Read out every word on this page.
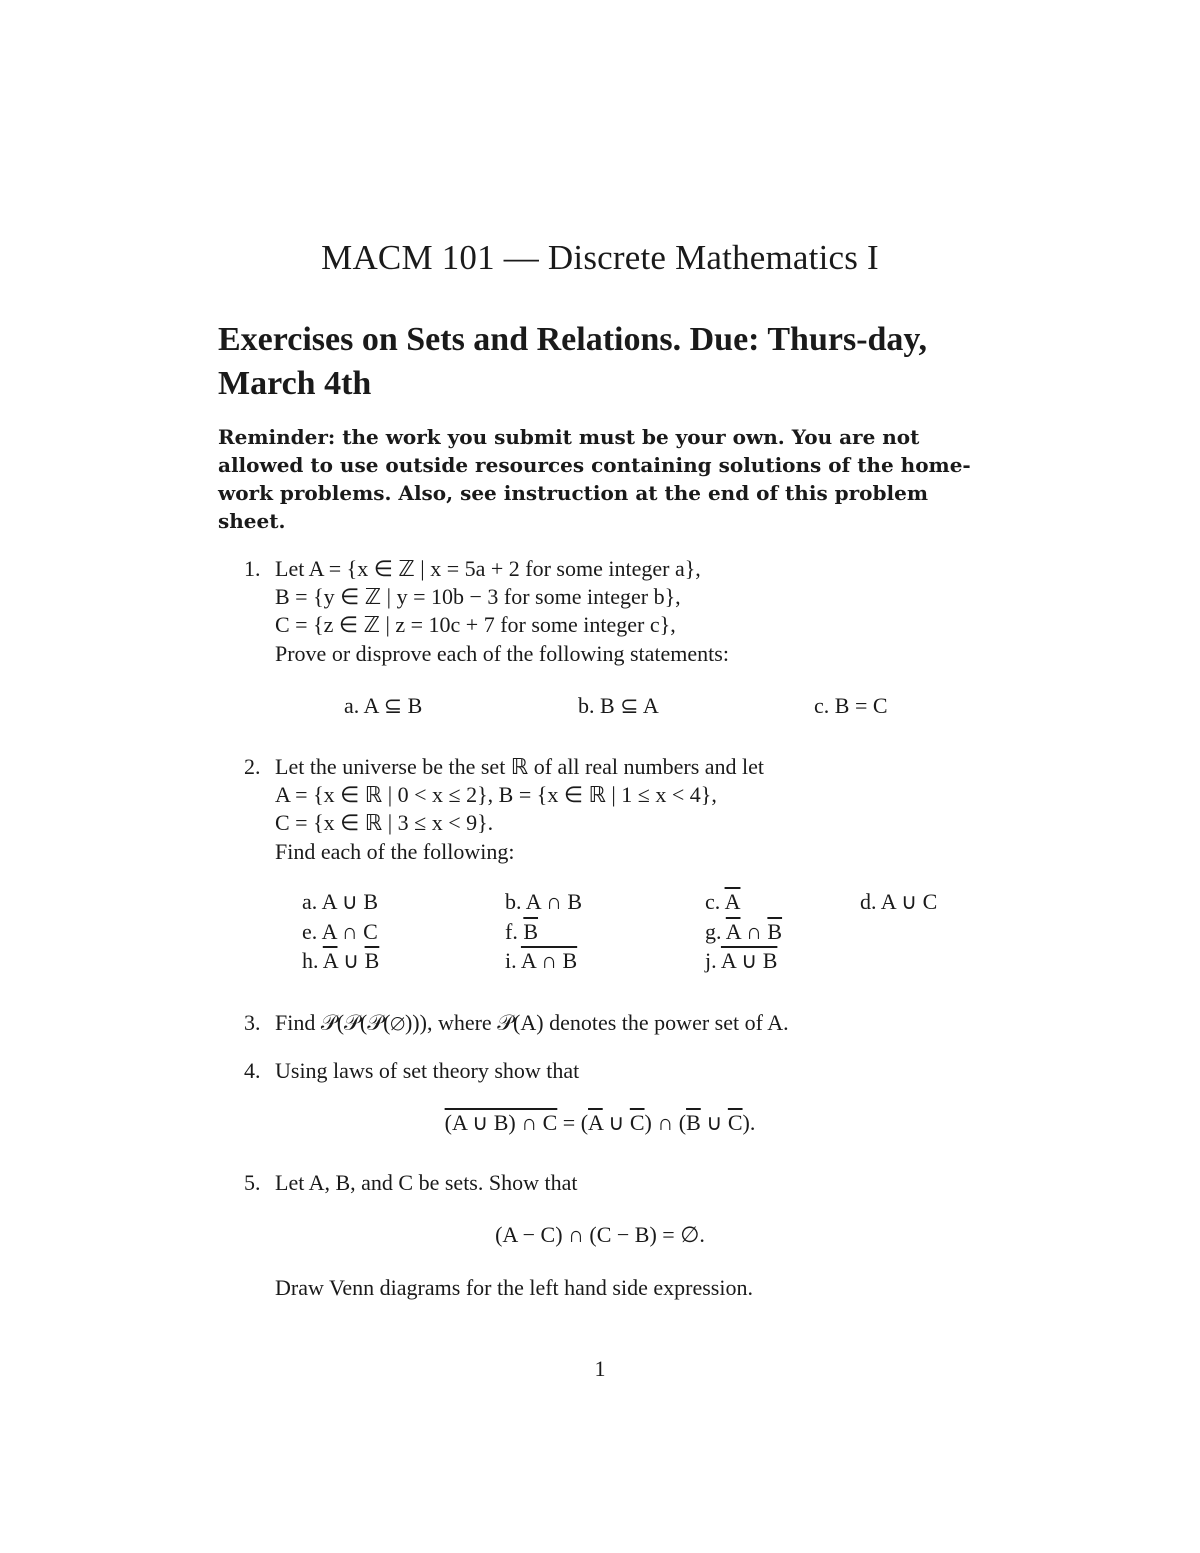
MACM 101 — Discrete Mathematics I
Exercises on Sets and Relations. Due: Thurs-day, March 4th

Reminder: the work you submit must be your own. You are not allowed to use outside resources containing solutions of the home-work problems. Also, see instruction at the end of this problem sheet.

1. Let A = {x ∈ ℤ | x = 5a + 2 for some integer a},
B = {y ∈ ℤ | y = 10b − 3 for some integer b},
C = {z ∈ ℤ | z = 10c + 7 for some integer c},
Prove or disprove each of the following statements:
a. A ⊆ B	b. B ⊆ A	c. B = C
2. Let the universe be the set ℝ of all real numbers and let
A = {x ∈ ℝ | 0 < x ≤ 2}, B = {x ∈ ℝ | 1 ≤ x < 4},
C = {x ∈ ℝ | 3 ≤ x < 9}.
Find each of the following:
a. A ∪ B	b. A ∩ B	c. $\overline{A}$	d. A ∪ C
e. A ∩ C	f. $\overline{B}$	g. $\overline{A}$ ∩ $\overline{B}$
h. $\overline{A}$ ∪ $\overline{B}$	i. A ∩ B	j. A ∪ B
3. Find 𝒫(𝒫(𝒫(∅))), where 𝒫(A) denotes the power set of A.
4. Using laws of set theory show that
(A ∪ B) ∩ $C = (\overline{A}$ ∪ $\overline{C}$) ∩ ($\overline{B}$ ∪ $\overline{C}$).
5. Let A, B, and C be sets. Show that
(A − C) ∩ (C − B) = ∅.
Draw Venn diagrams for the left hand side expression.
1
